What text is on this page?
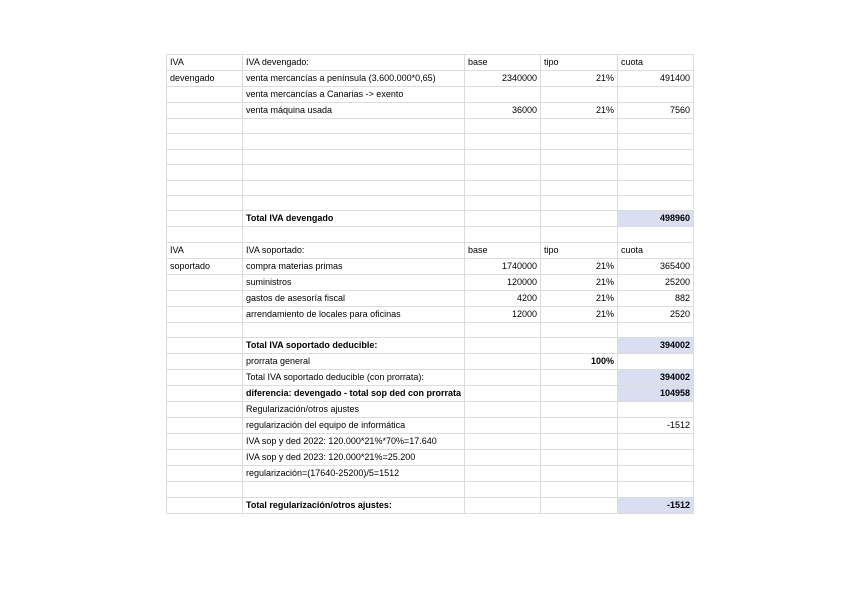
IVA	IVA devengado:	base	tipo	cuota
devengado	venta mercancías a península (3.600.000*0,65)	2340000	21%	491400
	venta mercancías a Canarias -> exento			
	venta máquina usada	36000	21%	7560

	Total IVA devengado			498960

IVA	IVA soportado:	base	tipo	cuota
soportado	compra materias primas	1740000	21%	365400
	suministros	120000	21%	25200
	gastos de asesoría fiscal	4200	21%	882
	arrendamiento de locales para oficinas	12000	21%	2520

	Total IVA soportado deducible:			394002
	prorrata general		100%	
	Total IVA soportado deducible (con prorrata):			394002
	diferencia: devengado - total sop ded con prorrata			104958
	Regularización/otros ajustes			
	regularización del equipo de informática			-1512
	IVA sop y ded 2022: 120.000*21%*70%=17.640			
	IVA sop y ded 2023: 120.000*21%=25.200			
	regularización=(17640-25200)/5=1512			

	Total regularización/otros ajustes:			-1512
